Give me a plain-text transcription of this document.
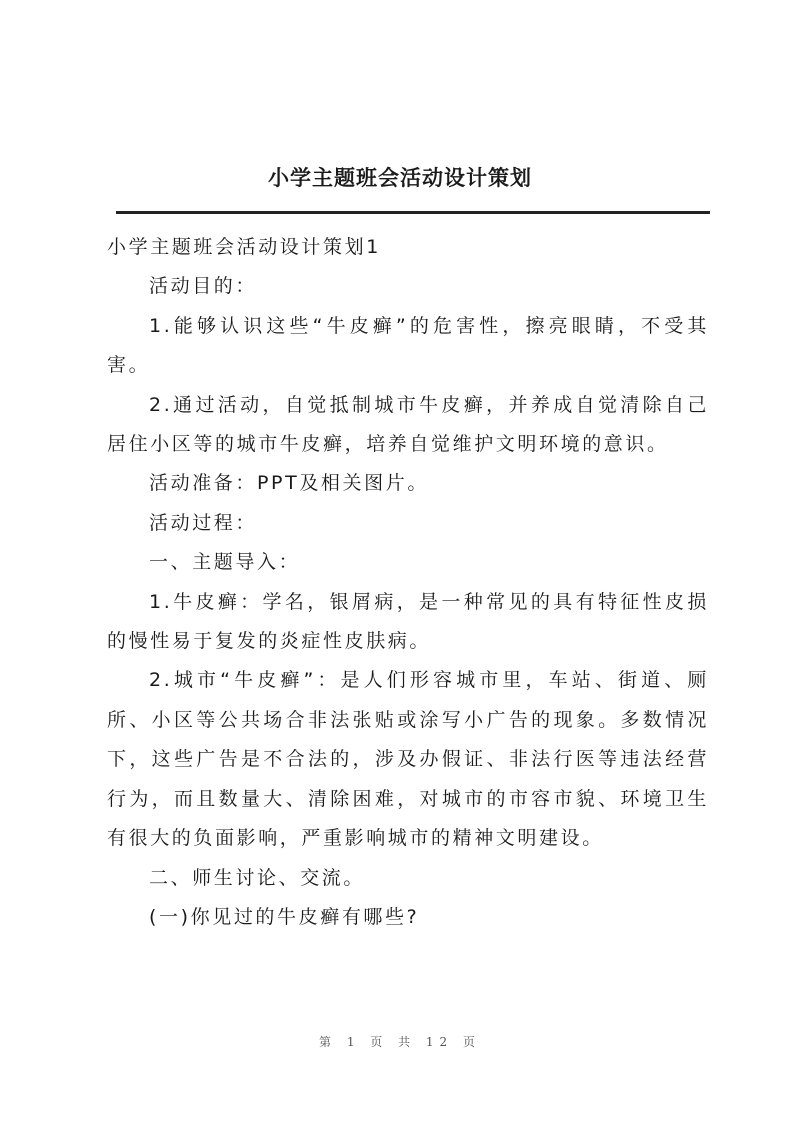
小学主题班会活动设计策划

小学主题班会活动设计策划1

活动目的：

1.能够认识这些“牛皮癣”的危害性，擦亮眼睛，不受其害。

2.通过活动，自觉抵制城市牛皮癣，并养成自觉清除自己居住小区等的城市牛皮癣，培养自觉维护文明环境的意识。

活动准备：PPT及相关图片。

活动过程：

一、主题导入：

1.牛皮癣：学名，银屑病，是一种常见的具有特征性皮损的慢性易于复发的炎症性皮肤病。

2.城市“牛皮癣”：是人们形容城市里，车站、街道、厕所、小区等公共场合非法张贴或涂写小广告的现象。多数情况下，这些广告是不合法的，涉及办假证、非法行医等违法经营行为，而且数量大、清除困难，对城市的市容市貌、环境卫生有很大的负面影响，严重影响城市的精神文明建设。

二、师生讨论、交流。

(一)你见过的牛皮癣有哪些?

第 1 页 共 12 页
